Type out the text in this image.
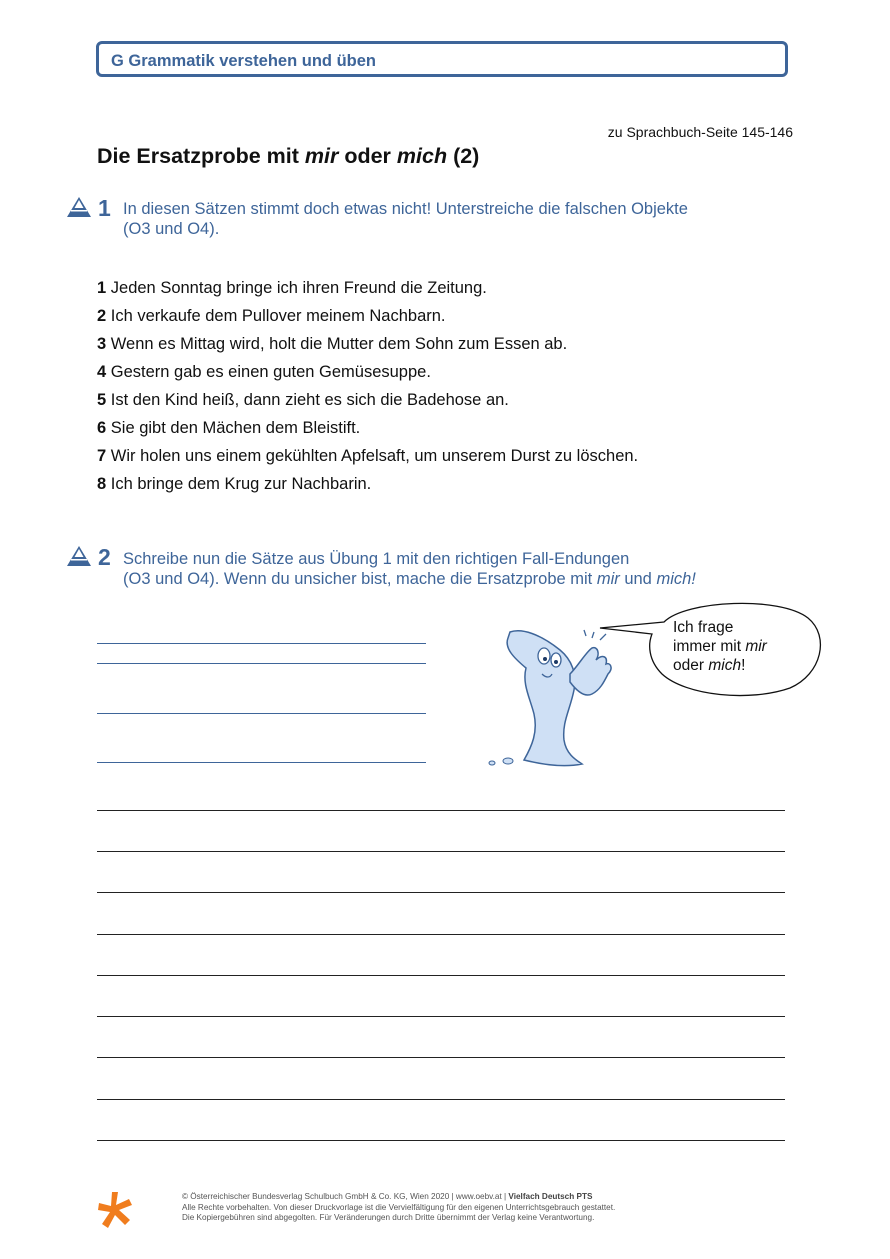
G Grammatik verstehen und üben
zu Sprachbuch-Seite 145-146
Die Ersatzprobe mit mir oder mich (2)
1 In diesen Sätzen stimmt doch etwas nicht! Unterstreiche die falschen Objekte
(O3 und O4).
1 Jeden Sonntag bringe ich ihren Freund die Zeitung.
2 Ich verkaufe dem Pullover meinem Nachbarn.
3 Wenn es Mittag wird, holt die Mutter dem Sohn zum Essen ab.
4 Gestern gab es einen guten Gemüsesuppe.
5 Ist den Kind heiß, dann zieht es sich die Badehose an.
6 Sie gibt den Mächen dem Bleistift.
7 Wir holen uns einem gekühlten Apfelsaft, um unserem Durst zu löschen.
8 Ich bringe dem Krug zur Nachbarin.
2 Schreibe nun die Sätze aus Übung 1 mit den richtigen Fall-Endungen
(O3 und O4). Wenn du unsicher bist, mache die Ersatzprobe mit mir und mich!
Ich frage
immer mit mir
oder mich!
© Österreichischer Bundesverlag Schulbuch GmbH & Co. KG, Wien 2020 | www.oebv.at | Vielfach Deutsch PTS
Alle Rechte vorbehalten. Von dieser Druckvorlage ist die Vervielfältigung für den eigenen Unterrichtsgebrauch gestattet.
Die Kopiergebühren sind abgegolten. Für Veränderungen durch Dritte übernimmt der Verlag keine Verantwortung.
